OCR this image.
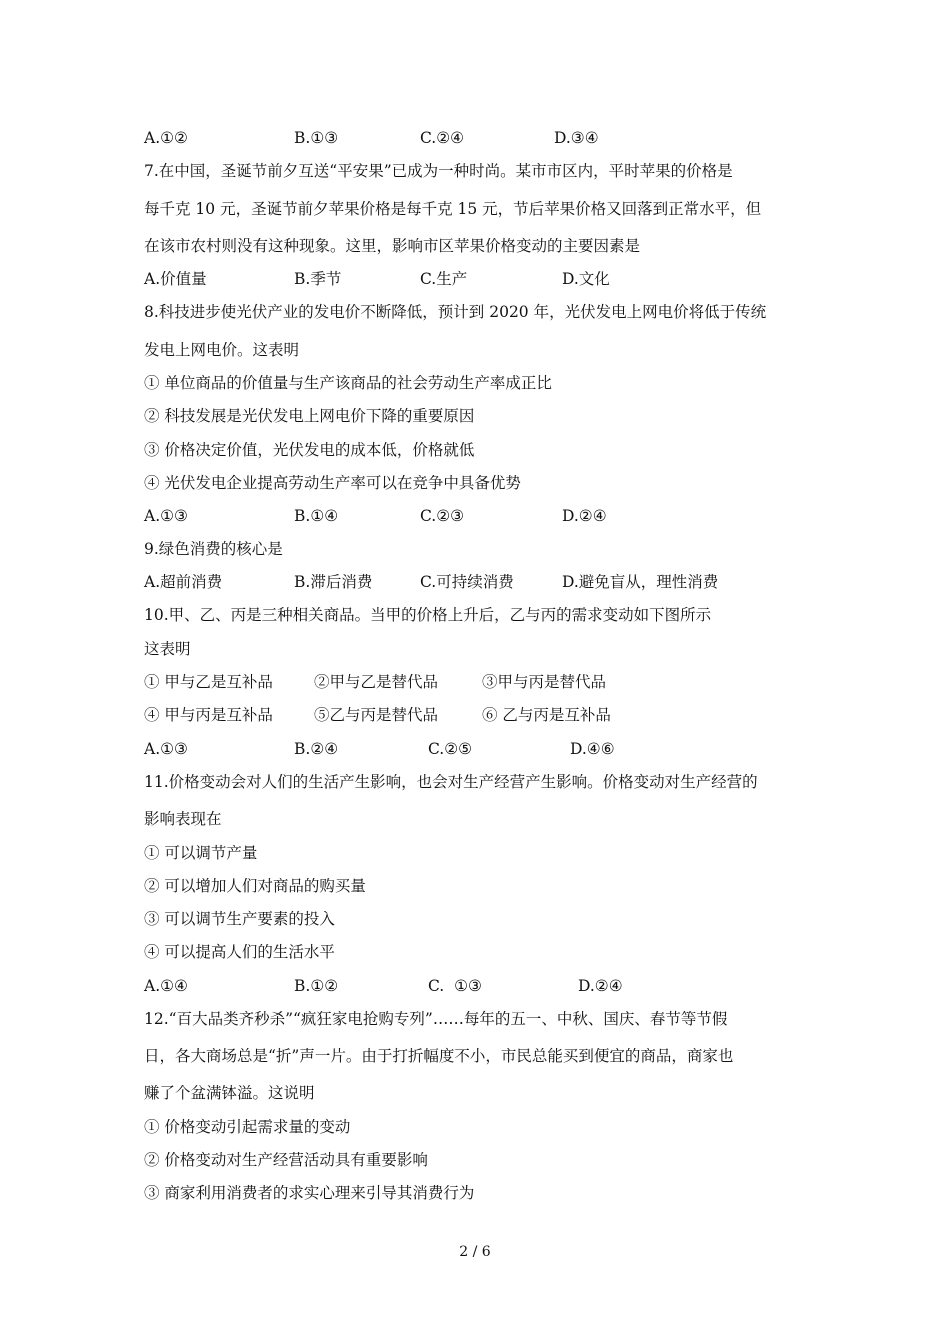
A.①②	B.①③	C.②④	D.③④
7.在中国，圣诞节前夕互送“平安果”已成为一种时尚。某市市区内，平时苹果的价格是
每千克 10 元，圣诞节前夕苹果价格是每千克 15 元，节后苹果价格又回落到正常水平，但
在该市农村则没有这种现象。这里，影响市区苹果价格变动的主要因素是
A.价值量	B.季节	C.生产	D.文化
8.科技进步使光伏产业的发电价不断降低，预计到 2020 年，光伏发电上网电价将低于传统
发电上网电价。这表明
① 单位商品的价值量与生产该商品的社会劳动生产率成正比
② 科技发展是光伏发电上网电价下降的重要原因
③ 价格决定价值，光伏发电的成本低，价格就低
④ 光伏发电企业提高劳动生产率可以在竞争中具备优势
A.①③	B.①④	C.②③	D.②④
9.绿色消费的核心是
A.超前消费	B.滞后消费	C.可持续消费	D.避免盲从，理性消费
10.甲、乙、丙是三种相关商品。当甲的价格上升后，乙与丙的需求变动如下图所示
这表明
① 甲与乙是互补品	②甲与乙是替代品	③甲与丙是替代品
④ 甲与丙是互补品	⑤乙与丙是替代品	⑥ 乙与丙是互补品
A.①③	B.②④	C.②⑤	D.④⑥
11.价格变动会对人们的生活产生影响，也会对生产经营产生影响。价格变动对生产经营的
影响表现在
① 可以调节产量
② 可以增加人们对商品的购买量
③ 可以调节生产要素的投入
④ 可以提高人们的生活水平
A.①④	B.①②	C.  ①③	D.②④
12.“百大品类齐秒杀”“疯狂家电抢购专列”……每年的五一、中秋、国庆、春节等节假
日，各大商场总是“折”声一片。由于打折幅度不小，市民总能买到便宜的商品，商家也
赚了个盆满钵溢。这说明
① 价格变动引起需求量的变动
② 价格变动对生产经营活动具有重要影响
③ 商家利用消费者的求实心理来引导其消费行为
2 / 6
